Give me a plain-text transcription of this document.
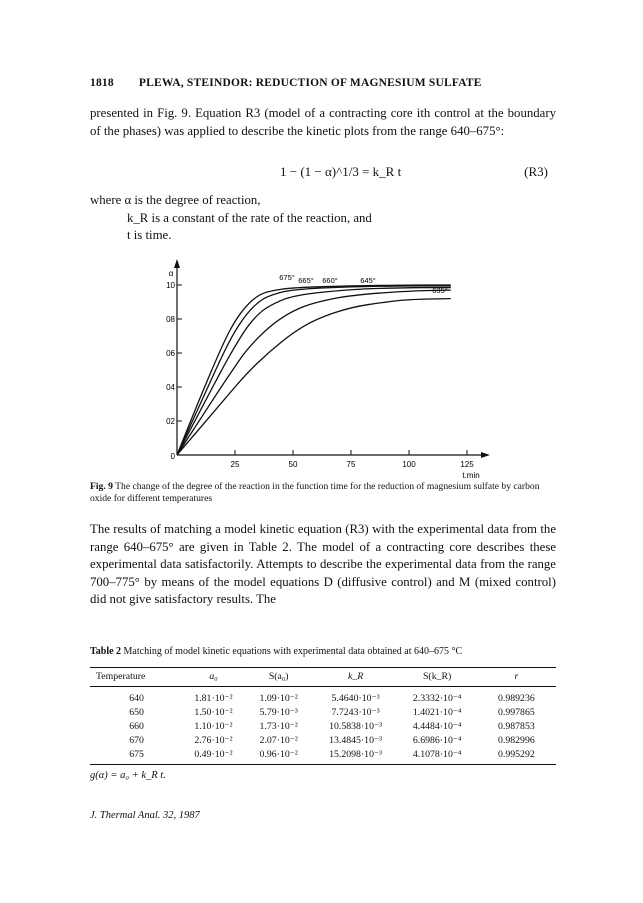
1818 PLEWA, STEINDOR: REDUCTION OF MAGNESIUM SULFATE
presented in Fig. 9. Equation R3 (model of a contracting core ith control at the boundary of the phases) was applied to describe the kinetic plots from the range 640–675°:
1 − (1 − α)^1/3 = k_R t	(R3)
where α is the degree of reaction,
k_R is a constant of the rate of the reaction, and
t is time.
10
08
06
04
02
0
α
25	50	75	100	125
t,min
675° 665° 660°	645°
635°
Fig. 9 The change of the degree of the reaction in the function time for the reduction of magnesium sulfate by carbon oxide for different temperatures
The results of matching a model kinetic equation (R3) with the experimental data from the range 640–675° are given in Table 2. The model of a contracting core describes these experimental data satisfactorily. Attempts to describe the experimental data from the range 700–775° by means of the model equations D (diffusive control) and M (mixed control) did not give satisfactory results. The
Table 2 Matching of model kinetic equations with experimental data obtained at 640–675 °C
Temperature	a₀	S(a₀)	k_R	S(k_R)	r
640	1.81·10⁻²	1.09·10⁻²	5.4640·10⁻³	2.3332·10⁻⁴	0.989236
650	1.50·10⁻²	5.79·10⁻³	7.7243·10⁻³	1.4021·10⁻⁴	0.997865
660	1.10·10⁻²	1.73·10⁻²	10.5838·10⁻³	4.4484·10⁻⁴	0.987853
670	2.76·10⁻²	2.07·10⁻²	13.4845·10⁻³	6.6986·10⁻⁴	0.982996
675	0.49·10⁻²	0.96·10⁻²	15.2098·10⁻³	4.1078·10⁻⁴	0.995292
g(α) = a₀ + k_R t.
J. Thermal Anal. 32, 1987
